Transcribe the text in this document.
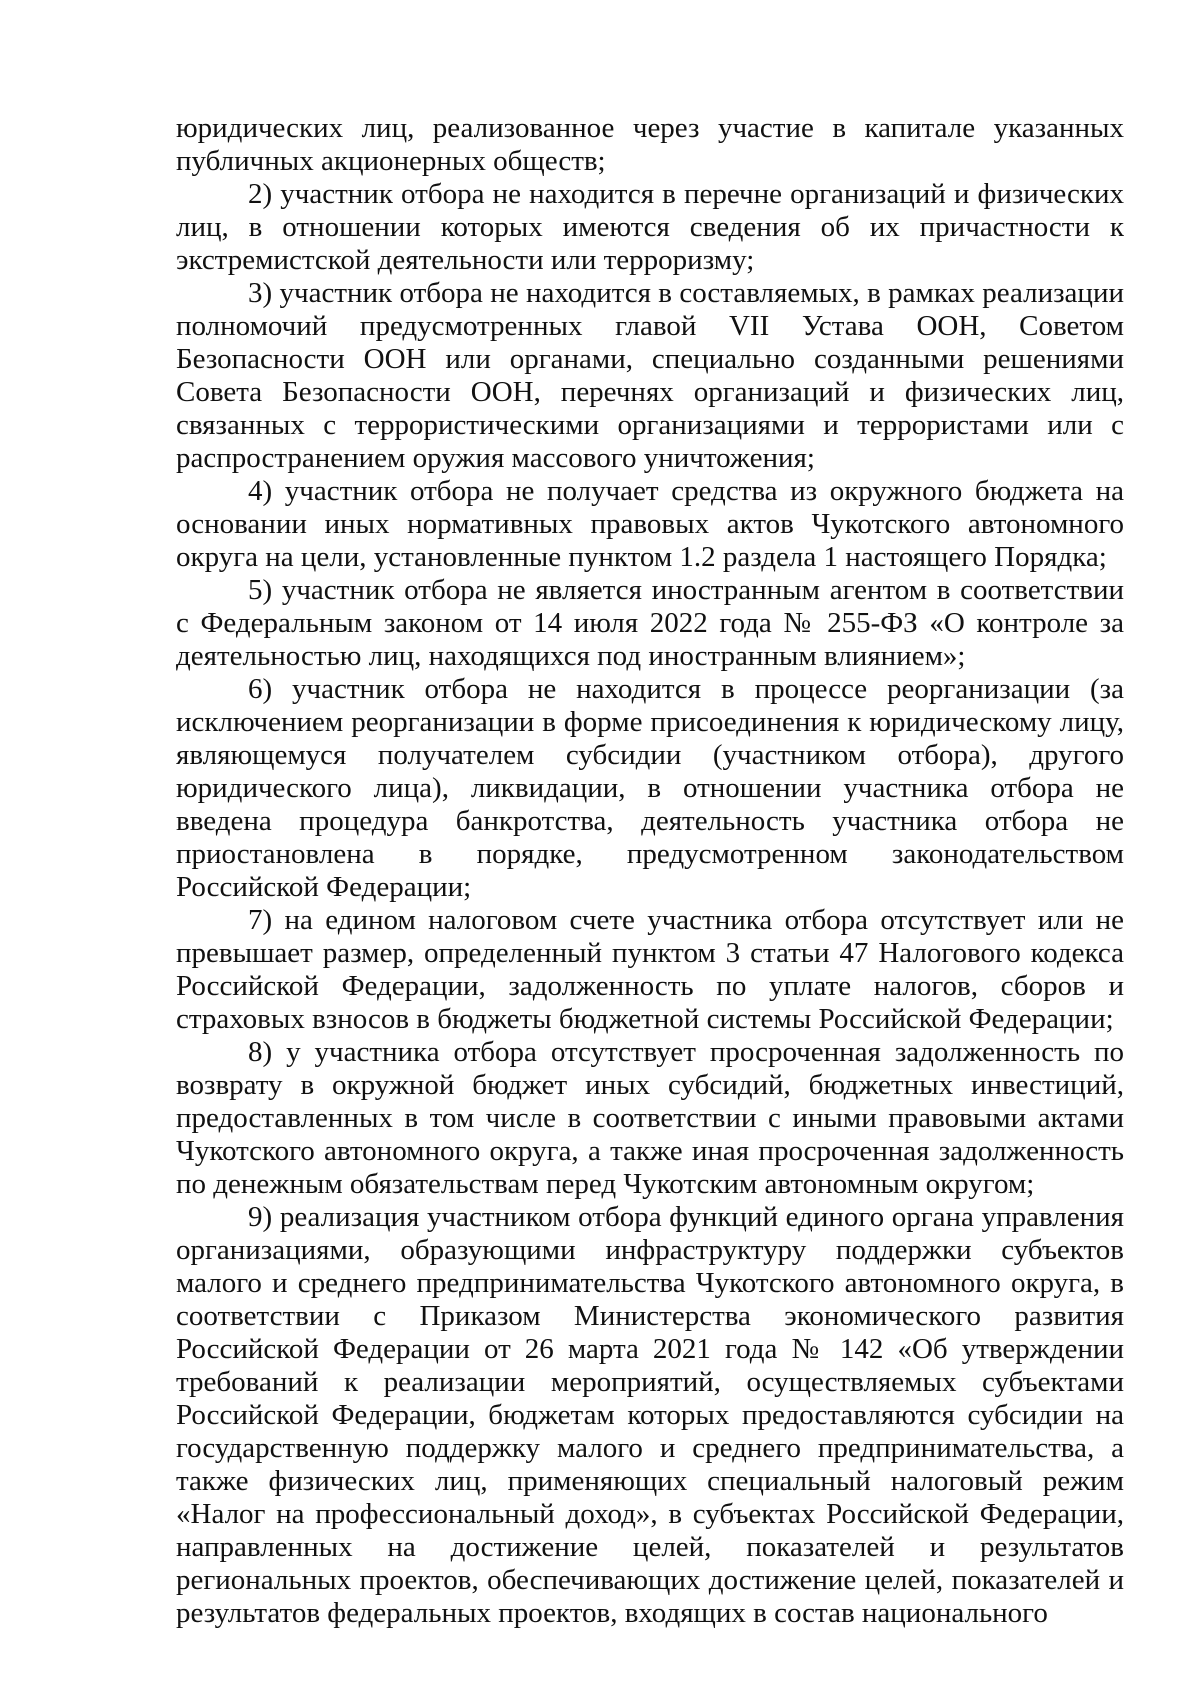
юридических лиц, реализованное через участие в капитале указанных публичных акционерных обществ;

2) участник отбора не находится в перечне организаций и физических лиц, в отношении которых имеются сведения об их причастности к экстремистской деятельности или терроризму;

3) участник отбора не находится в составляемых, в рамках реализации полномочий предусмотренных главой VII Устава ООН, Советом Безопасности ООН или органами, специально созданными решениями Совета Безопасности ООН, перечнях организаций и физических лиц, связанных с террористическими организациями и террористами или с распространением оружия массового уничтожения;

4) участник отбора не получает средства из окружного бюджета на основании иных нормативных правовых актов Чукотского автономного округа на цели, установленные пунктом 1.2 раздела 1 настоящего Порядка;

5) участник отбора не является иностранным агентом в соответствии с Федеральным законом от 14 июля 2022 года № 255-ФЗ «О контроле за деятельностью лиц, находящихся под иностранным влиянием»;

6) участник отбора не находится в процессе реорганизации (за исключением реорганизации в форме присоединения к юридическому лицу, являющемуся получателем субсидии (участником отбора), другого юридического лица), ликвидации, в отношении участника отбора не введена процедура банкротства, деятельность участника отбора не приостановлена в порядке, предусмотренном законодательством Российской Федерации;

7) на едином налоговом счете участника отбора отсутствует или не превышает размер, определенный пунктом 3 статьи 47 Налогового кодекса Российской Федерации, задолженность по уплате налогов, сборов и страховых взносов в бюджеты бюджетной системы Российской Федерации;

8) у участника отбора отсутствует просроченная задолженность по возврату в окружной бюджет иных субсидий, бюджетных инвестиций, предоставленных в том числе в соответствии с иными правовыми актами Чукотского автономного округа, а также иная просроченная задолженность по денежным обязательствам перед Чукотским автономным округом;

9) реализация участником отбора функций единого органа управления организациями, образующими инфраструктуру поддержки субъектов малого и среднего предпринимательства Чукотского автономного округа, в соответствии с Приказом Министерства экономического развития Российской Федерации от 26 марта 2021 года № 142 «Об утверждении требований к реализации мероприятий, осуществляемых субъектами Российской Федерации, бюджетам которых предоставляются субсидии на государственную поддержку малого и среднего предпринимательства, а также физических лиц, применяющих специальный налоговый режим «Налог на профессиональный доход», в субъектах Российской Федерации, направленных на достижение целей, показателей и результатов региональных проектов, обеспечивающих достижение целей, показателей и результатов федеральных проектов, входящих в состав национального
